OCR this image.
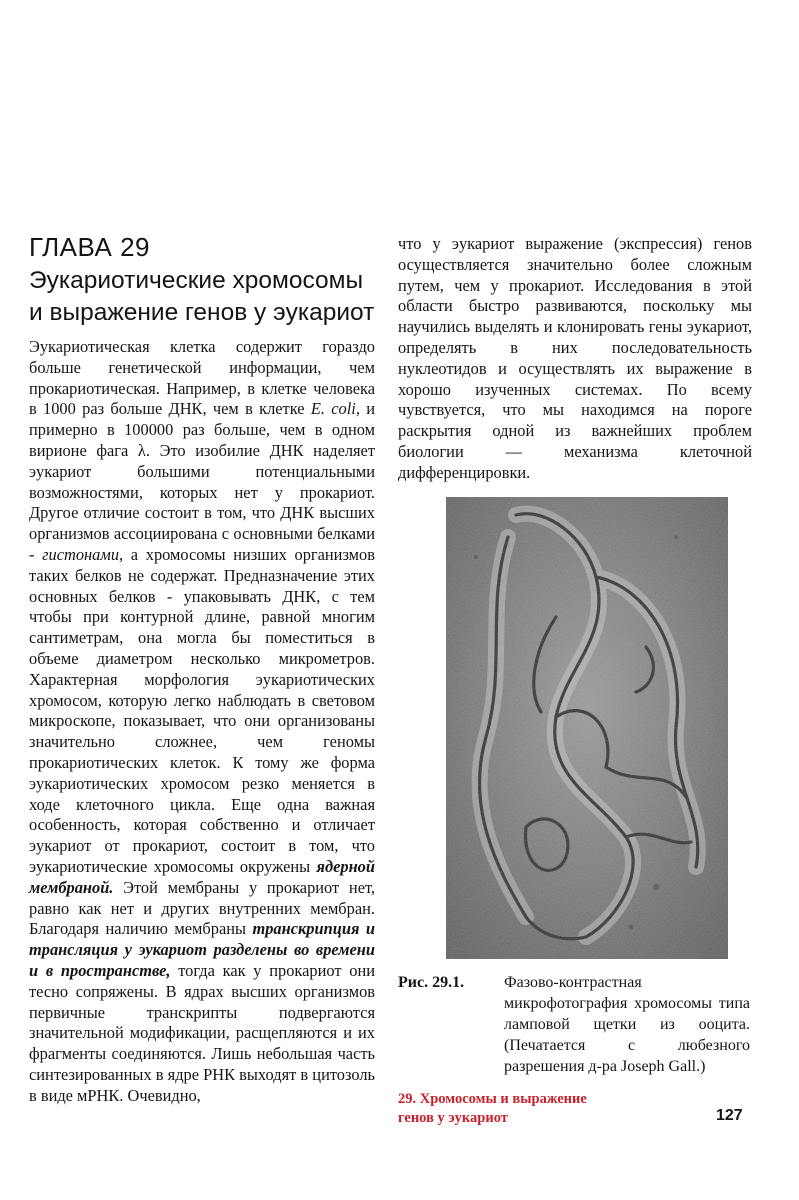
ГЛАВА 29
Эукариотические хромосомы и выражение генов у эукариот

Эукариотическая клетка содержит гораздо больше генетической информации, чем прокариотическая. Например, в клетке человека в 1000 раз больше ДНК, чем в клетке E. coli, и примерно в 100000 раз больше, чем в одном вирионе фага λ. Это изобилие ДНК наделяет эукариот большими потенциальными возможностями, которых нет у прокариот. Другое отличие состоит в том, что ДНК высших организмов ассоциирована с основными белками - гистонами, а хромосомы низших организмов таких белков не содержат. Предназначение этих основных белков - упаковывать ДНК, с тем чтобы при контурной длине, равной многим сантиметрам, она могла бы поместиться в объеме диаметром несколько микрометров. Характерная морфология эукариотических хромосом, которую легко наблюдать в световом микроскопе, показывает, что они организованы значительно сложнее, чем геномы прокариотических клеток. К тому же форма эукариотических хромосом резко меняется в ходе клеточного цикла. Еще одна важная особенность, которая собственно и отличает эукариот от прокариот, состоит в том, что эукариотические хромосомы окружены ядерной мембраной. Этой мембраны у прокариот нет, равно как нет и других внутренних мембран. Благодаря наличию мембраны транскрипция и трансляция у эукариот разделены во времени и в пространстве, тогда как у прокариот они тесно сопряжены. В ядрах высших организмов первичные транскрипты подвергаются значительной модификации, расщепляются и их фрагменты соединяются. Лишь небольшая часть синтезированных в ядре РНК выходят в цитозоль в виде мРНК. Очевидно,

что у эукариот выражение (экспрессия) генов осуществляется значительно более сложным путем, чем у прокариот. Исследования в этой области быстро развиваются, поскольку мы научились выделять и клонировать гены эукариот, определять в них последовательность нуклеотидов и осуществлять их выражение в хорошо изученных системах. По всему чувствуется, что мы находимся на пороге раскрытия одной из важнейших проблем биологии — механизма клеточной дифференцировки.

Рис. 29.1. Фазово-контрастная микрофотография хромосомы типа ламповой щетки из ооцита. (Печатается с любезного разрешения д-ра Joseph Gall.)
29. Хромосомы и выражение
генов у эукариот	127
